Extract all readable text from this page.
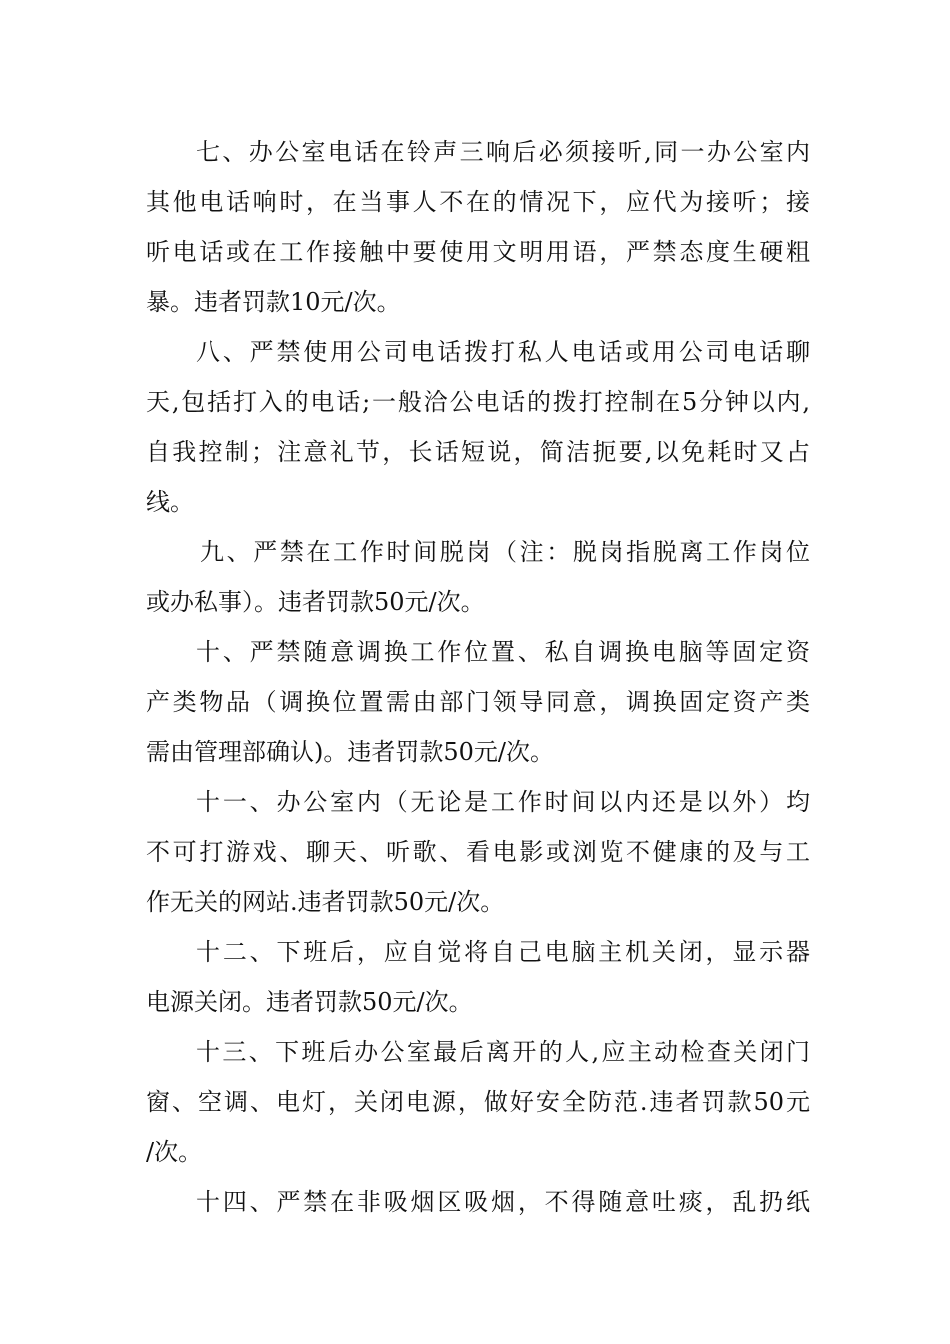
七、办公室电话在铃声三响后必须接听,同一办公室内
其他电话响时，在当事人不在的情况下，应代为接听；接
听电话或在工作接触中要使用文明用语，严禁态度生硬粗
暴。违者罚款10元/次。
八、严禁使用公司电话拨打私人电话或用公司电话聊
天,包括打入的电话;一般洽公电话的拨打控制在5分钟以内,
自我控制；注意礼节，长话短说，简洁扼要,以免耗时又占
线。
九、严禁在工作时间脱岗（注：脱岗指脱离工作岗位
或办私事）。违者罚款50元/次。
十、严禁随意调换工作位置、私自调换电脑等固定资
产类物品（调换位置需由部门领导同意，调换固定资产类
需由管理部确认)。违者罚款50元/次。
十一、办公室内（无论是工作时间以内还是以外）均
不可打游戏、聊天、听歌、看电影或浏览不健康的及与工
作无关的网站.违者罚款50元/次。
十二、下班后，应自觉将自己电脑主机关闭，显示器
电源关闭。违者罚款50元/次。
十三、下班后办公室最后离开的人,应主动检查关闭门
窗、空调、电灯，关闭电源，做好安全防范.违者罚款50元
/次。
十四、严禁在非吸烟区吸烟，不得随意吐痰，乱扔纸
